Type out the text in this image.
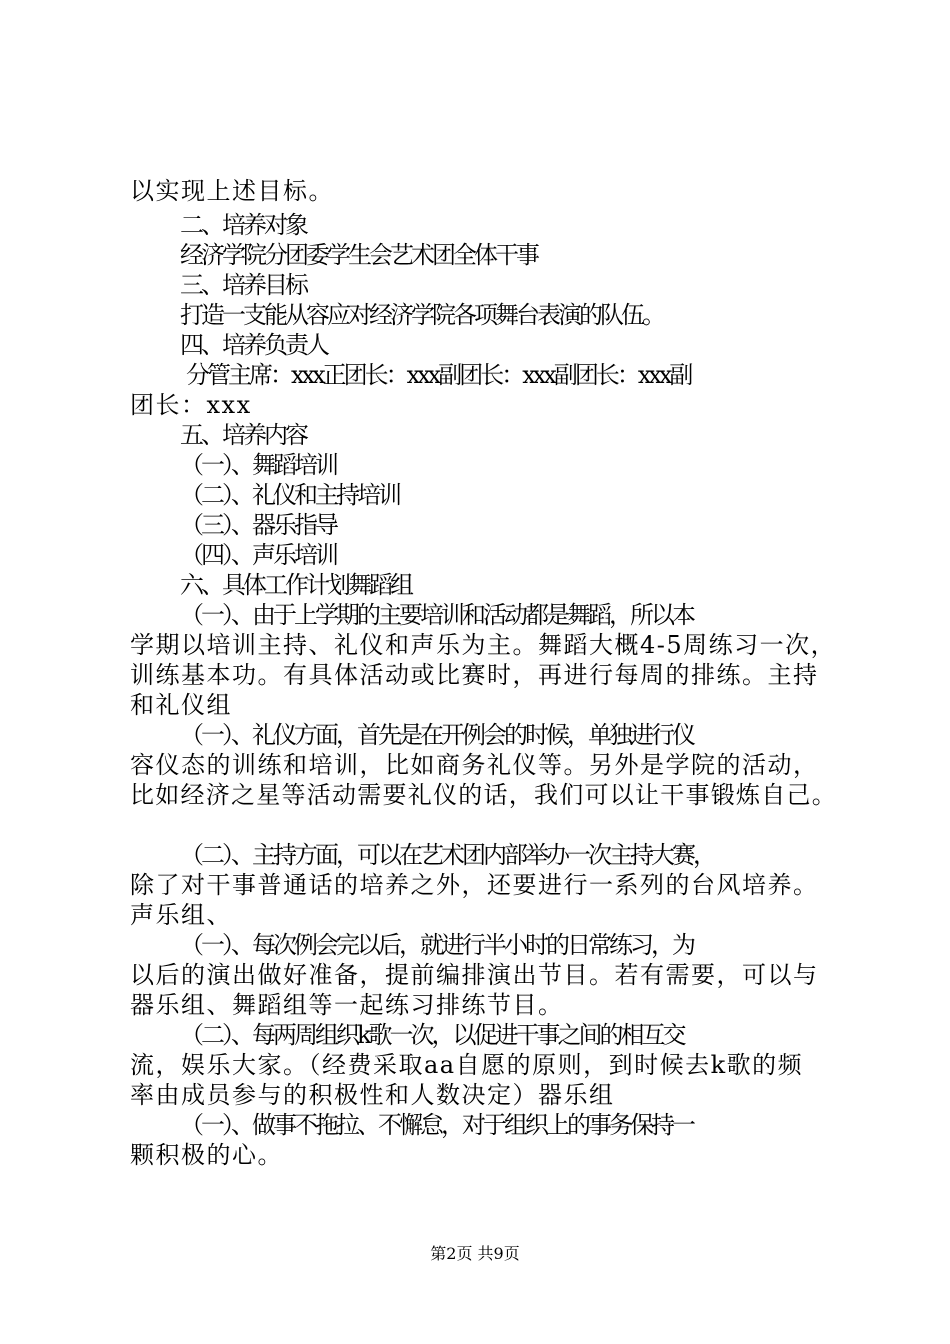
以实现上述目标。
二、培养对象
经济学院分团委学生会艺术团全体干事
三、培养目标
打造一支能从容应对经济学院各项舞台表演的队伍。
四、培养负责人
分管主席：xxx正团长：xxx副团长：xxx副团长：xxx副
团长：xxx
五、培养内容
（一）、舞蹈培训
（二）、礼仪和主持培训
（三）、器乐指导
（四）、声乐培训
六、具体工作计划舞蹈组
（一）、由于上学期的主要培训和活动都是舞蹈，所以本
学期以培训主持、礼仪和声乐为主。舞蹈大概4-5周练习一次，
训练基本功。有具体活动或比赛时，再进行每周的排练。主持
和礼仪组
（一）、礼仪方面，首先是在开例会的时候，单独进行仪
容仪态的训练和培训，比如商务礼仪等。另外是学院的活动，
比如经济之星等活动需要礼仪的话，我们可以让干事锻炼自己。
（二）、主持方面，可以在艺术团内部举办一次主持大赛，
除了对干事普通话的培养之外，还要进行一系列的台风培养。
声乐组、
（一）、每次例会完以后，就进行半小时的日常练习，为
以后的演出做好准备，提前编排演出节目。若有需要，可以与
器乐组、舞蹈组等一起练习排练节目。
（二）、每两周组织k歌一次，以促进干事之间的相互交
流，娱乐大家。（经费采取aa自愿的原则，到时候去k歌的频
率由成员参与的积极性和人数决定）器乐组
（一）、做事不拖拉、不懈怠，对于组织上的事务保持一
颗积极的心。
第2页 共9页
